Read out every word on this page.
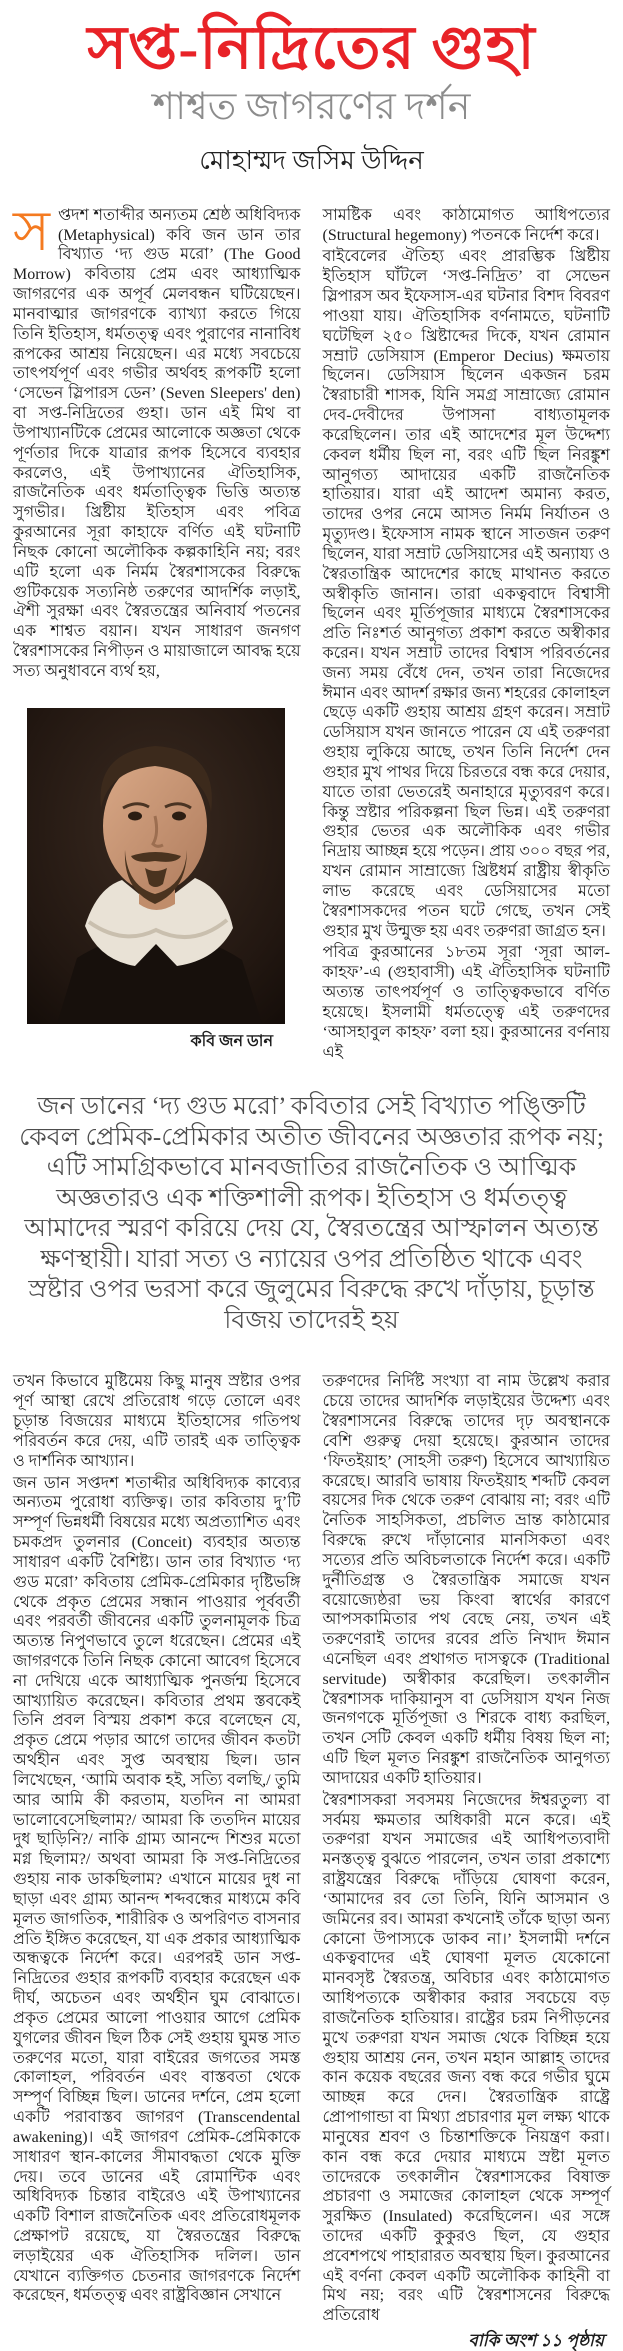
সপ্ত-নিদ্রিতের গুহা
শাশ্বত জাগরণের দর্শন
মোহাম্মদ জসিম উদ্দিন

সপ্তদশ শতাব্দীর অন্যতম শ্রেষ্ঠ অধিবিদ্যক (Metaphysical) কবি জন ডান তার বিখ্যাত ‘দ্য গুড মরো’ (The Good Morrow) কবিতায় প্রেম এবং আধ্যাত্মিক জাগরণের এক অপূর্ব মেলবন্ধন ঘটিয়েছেন। মানবাত্মার জাগরণকে ব্যাখ্যা করতে গিয়ে তিনি ইতিহাস, ধর্মতত্ত্ব এবং পুরাণের নানাবিধ রূপকের আশ্রয় নিয়েছেন। এর মধ্যে সবচেয়ে তাৎপর্যপূর্ণ এবং গভীর অর্থবহ রূপকটি হলো ‘সেভেন স্লিপারস ডেন’ (Seven Sleepers' den) বা সপ্ত-নিদ্রিতের গুহা। ডান এই মিথ বা উপাখ্যানটিকে প্রেমের আলোকে অজ্ঞতা থেকে পূর্ণতার দিকে যাত্রার রূপক হিসেবে ব্যবহার করলেও, এই উপাখ্যানের ঐতিহাসিক, রাজনৈতিক এবং ধর্মতাত্ত্বিক ভিত্তি অত্যন্ত সুগভীর। খ্রিষ্টীয় ইতিহাস এবং পবিত্র কুরআনের সূরা কাহাফে বর্ণিত এই ঘটনাটি নিছক কোনো অলৌকিক কল্পকাহিনি নয়; বরং এটি হলো এক নির্মম স্বৈরশাসকের বিরুদ্ধে গুটিকয়েক সত্যনিষ্ঠ তরুণের আদর্শিক লড়াই, ঐশী সুরক্ষা এবং স্বৈরতন্ত্রের অনিবার্য পতনের এক শাশ্বত বয়ান। যখন সাধারণ জনগণ স্বৈরশাসকের নিপীড়ন ও মায়াজালে আবদ্ধ হয়ে সত্য অনুধাবনে ব্যর্থ হয়,

কবি জন ডান

সামষ্টিক এবং কাঠামোগত আধিপত্যের (Structural hegemony) পতনকে নির্দেশ করে।

বাইবেলের ঐতিহ্য এবং প্রারম্ভিক খ্রিষ্টীয় ইতিহাস ঘাঁটলে ‘সপ্ত-নিদ্রিত’ বা সেভেন স্লিপারস অব ইফেসাস-এর ঘটনার বিশদ বিবরণ পাওয়া যায়। ঐতিহাসিক বর্ণনামতে, ঘটনাটি ঘটেছিল ২৫০ খ্রিষ্টাব্দের দিকে, যখন রোমান সম্রাট ডেসিয়াস (Emperor Decius) ক্ষমতায় ছিলেন। ডেসিয়াস ছিলেন একজন চরম স্বৈরাচারী শাসক, যিনি সমগ্র সাম্রাজ্যে রোমান দেব-দেবীদের উপাসনা বাধ্যতামূলক করেছিলেন। তার এই আদেশের মূল উদ্দেশ্য কেবল ধর্মীয় ছিল না, বরং এটি ছিল নিরঙ্কুশ আনুগত্য আদায়ের একটি রাজনৈতিক হাতিয়ার। যারা এই আদেশ অমান্য করত, তাদের ওপর নেমে আসত নির্মম নির্যাতন ও মৃত্যুদণ্ড। ইফেসাস নামক স্থানে সাতজন তরুণ ছিলেন, যারা সম্রাট ডেসিয়াসের এই অন্যায্য ও স্বৈরতান্ত্রিক আদেশের কাছে মাথানত করতে অস্বীকৃতি জানান। তারা একত্ববাদে বিশ্বাসী ছিলেন এবং মূর্তিপূজার মাধ্যমে স্বৈরশাসকের প্রতি নিঃশর্ত আনুগত্য প্রকাশ করতে অস্বীকার করেন। যখন সম্রাট তাদের বিশ্বাস পরিবর্তনের জন্য সময় বেঁধে দেন, তখন তারা নিজেদের ঈমান এবং আদর্শ রক্ষার জন্য শহরের কোলাহল ছেড়ে একটি গুহায় আশ্রয় গ্রহণ করেন। সম্রাট ডেসিয়াস যখন জানতে পারেন যে এই তরুণরা গুহায় লুকিয়ে আছে, তখন তিনি নির্দেশ দেন গুহার মুখ পাথর দিয়ে চিরতরে বন্ধ করে দেয়ার, যাতে তারা ভেতরেই অনাহারে মৃত্যুবরণ করে। কিন্তু স্রষ্টার পরিকল্পনা ছিল ভিন্ন। এই তরুণরা গুহার ভেতর এক অলৌকিক এবং গভীর নিদ্রায় আচ্ছন্ন হয়ে পড়েন। প্রায় ৩০০ বছর পর, যখন রোমান সাম্রাজ্যে খ্রিষ্টধর্ম রাষ্ট্রীয় স্বীকৃতি লাভ করেছে এবং ডেসিয়াসের মতো স্বৈরশাসকদের পতন ঘটে গেছে, তখন সেই গুহার মুখ উন্মুক্ত হয় এবং তরুণরা জাগ্রত হন।

পবিত্র কুরআনের ১৮তম সূরা ‘সূরা আল-কাহফ’-এ (গুহাবাসী) এই ঐতিহাসিক ঘটনাটি অত্যন্ত তাৎপর্যপূর্ণ ও তাত্ত্বিকভাবে বর্ণিত হয়েছে। ইসলামী ধর্মতত্ত্বে এই তরুণদের ‘আসহাবুল কাহফ’ বলা হয়। কুরআনের বর্ণনায় এই

জন ডানের ‘দ্য গুড মরো’ কবিতার সেই বিখ্যাত পঙ্ক্তিটি কেবল প্রেমিক-প্রেমিকার অতীত জীবনের অজ্ঞতার রূপক নয়; এটি সামগ্রিকভাবে মানবজাতির রাজনৈতিক ও আত্মিক অজ্ঞতারও এক শক্তিশালী রূপক। ইতিহাস ও ধর্মতত্ত্ব আমাদের স্মরণ করিয়ে দেয় যে, স্বৈরতন্ত্রের আস্ফালন অত্যন্ত ক্ষণস্থায়ী। যারা সত্য ও ন্যায়ের ওপর প্রতিষ্ঠিত থাকে এবং স্রষ্টার ওপর ভরসা করে জুলুমের বিরুদ্ধে রুখে দাঁড়ায়, চূড়ান্ত বিজয় তাদেরই হয়

তখন কিভাবে মুষ্টিমেয় কিছু মানুষ স্রষ্টার ওপর পূর্ণ আস্থা রেখে প্রতিরোধ গড়ে তোলে এবং চূড়ান্ত বিজয়ের মাধ্যমে ইতিহাসের গতিপথ পরিবর্তন করে দেয়, এটি তারই এক তাত্ত্বিক ও দার্শনিক আখ্যান।

জন ডান সপ্তদশ শতাব্দীর অধিবিদ্যক কাব্যের অন্যতম পুরোধা ব্যক্তিত্ব। তার কবিতায় দু’টি সম্পূর্ণ ভিন্নধর্মী বিষয়ের মধ্যে অপ্রত্যাশিত এবং চমকপ্রদ তুলনার (Conceit) ব্যবহার অত্যন্ত সাধারণ একটি বৈশিষ্ট্য। ডান তার বিখ্যাত ‘দ্য গুড মরো’ কবিতায় প্রেমিক-প্রেমিকার দৃষ্টিভঙ্গি থেকে প্রকৃত প্রেমের সন্ধান পাওয়ার পূর্ববর্তী এবং পরবর্তী জীবনের একটি তুলনামূলক চিত্র অত্যন্ত নিপুণভাবে তুলে ধরেছেন। প্রেমের এই জাগরণকে তিনি নিছক কোনো আবেগ হিসেবে না দেখিয়ে একে আধ্যাত্মিক পুনর্জন্ম হিসেবে আখ্যায়িত করেছেন। কবিতার প্রথম স্তবকেই তিনি প্রবল বিস্ময় প্রকাশ করে বলেছেন যে, প্রকৃত প্রেমে পড়ার আগে তাদের জীবন কতটা অর্থহীন এবং সুপ্ত অবস্থায় ছিল। ডান লিখেছেন, ‘আমি অবাক হই, সত্যি বলছি,/ তুমি আর আমি কী করতাম, যতদিন না আমরা ভালোবেসেছিলাম?/ আমরা কি ততদিন মায়ের দুধ ছাড়িনি?/ নাকি গ্রাম্য আনন্দে শিশুর মতো মগ্ন ছিলাম?/ অথবা আমরা কি সপ্ত-নিদ্রিতের গুহায় নাক ডাকছিলাম? এখানে মায়ের দুধ না ছাড়া এবং গ্রাম্য আনন্দ শব্দবন্ধের মাধ্যমে কবি মূলত জাগতিক, শারীরিক ও অপরিণত বাসনার প্রতি ইঙ্গিত করেছেন, যা এক প্রকার আধ্যাত্মিক অন্ধত্বকে নির্দেশ করে। এরপরই ডান সপ্ত-নিদ্রিতের গুহার রূপকটি ব্যবহার করেছেন এক দীর্ঘ, অচেতন এবং অর্থহীন ঘুম বোঝাতে। প্রকৃত প্রেমের আলো পাওয়ার আগে প্রেমিক যুগলের জীবন ছিল ঠিক সেই গুহায় ঘুমন্ত সাত তরুণের মতো, যারা বাইরের জগতের সমস্ত কোলাহল, পরিবর্তন এবং বাস্তবতা থেকে সম্পূর্ণ বিচ্ছিন্ন ছিল। ডানের দর্শনে, প্রেম হলো একটি পরাবাস্তব জাগরণ (Transcendental awakening)। এই জাগরণ প্রেমিক-প্রেমিকাকে সাধারণ স্থান-কালের সীমাবদ্ধতা থেকে মুক্তি দেয়। তবে ডানের এই রোমান্টিক এবং অধিবিদ্যক চিন্তার বাইরেও এই উপাখ্যানের একটি বিশাল রাজনৈতিক এবং প্রতিরোধমূলক প্রেক্ষাপট রয়েছে, যা স্বৈরতন্ত্রের বিরুদ্ধে লড়াইয়ের এক ঐতিহাসিক দলিল। ডান যেখানে ব্যক্তিগত চেতনার জাগরণকে নির্দেশ করেছেন, ধর্মতত্ত্ব এবং রাষ্ট্রবিজ্ঞান সেখানে

তরুণদের নির্দিষ্ট সংখ্যা বা নাম উল্লেখ করার চেয়ে তাদের আদর্শিক লড়াইয়ের উদ্দেশ্য এবং স্বৈরশাসনের বিরুদ্ধে তাদের দৃঢ় অবস্থানকে বেশি গুরুত্ব দেয়া হয়েছে। কুরআন তাদের ‘ফিতইয়াহ’ (সাহসী তরুণ) হিসেবে আখ্যায়িত করেছে। আরবি ভাষায় ফিতইয়াহ শব্দটি কেবল বয়সের দিক থেকে তরুণ বোঝায় না; বরং এটি নৈতিক সাহসিকতা, প্রচলিত ভ্রান্ত কাঠামোর বিরুদ্ধে রুখে দাঁড়ানোর মানসিকতা এবং সত্যের প্রতি অবিচলতাকে নির্দেশ করে। একটি দুর্নীতিগ্রস্ত ও স্বৈরতান্ত্রিক সমাজে যখন বয়োজ্যেষ্ঠরা ভয় কিংবা স্বার্থের কারণে আপসকামিতার পথ বেছে নেয়, তখন এই তরুণেরাই তাদের রবের প্রতি নিখাদ ঈমান এনেছিল এবং প্রথাগত দাসত্বকে (Traditional servitude) অস্বীকার করেছিল। তৎকালীন স্বৈরশাসক দাকিয়ানুস বা ডেসিয়াস যখন নিজ জনগণকে মূর্তিপূজা ও শিরকে বাধ্য করছিল, তখন সেটি কেবল একটি ধর্মীয় বিষয় ছিল না; এটি ছিল মূলত নিরঙ্কুশ রাজনৈতিক আনুগত্য আদায়ের একটি হাতিয়ার।

স্বৈরশাসকরা সবসময় নিজেদের ঈশ্বরতুল্য বা সর্বময় ক্ষমতার অধিকারী মনে করে। এই তরুণরা যখন সমাজের এই আধিপত্যবাদী মনস্তত্ত্ব বুঝতে পারলেন, তখন তারা প্রকাশ্যে রাষ্ট্রযন্ত্রের বিরুদ্ধে দাঁড়িয়ে ঘোষণা করেন, ‘আমাদের রব তো তিনি, যিনি আসমান ও জমিনের রব। আমরা কখনোই তাঁকে ছাড়া অন্য কোনো উপাস্যকে ডাকব না।’ ইসলামী দর্শনে একত্ববাদের এই ঘোষণা মূলত যেকোনো মানবসৃষ্ট স্বৈরতন্ত্র, অবিচার এবং কাঠামোগত আধিপত্যকে অস্বীকার করার সবচেয়ে বড় রাজনৈতিক হাতিয়ার। রাষ্ট্রের চরম নিপীড়নের মুখে তরুণরা যখন সমাজ থেকে বিচ্ছিন্ন হয়ে গুহায় আশ্রয় নেন, তখন মহান আল্লাহ তাদের কান কয়েক বছরের জন্য বন্ধ করে গভীর ঘুমে আচ্ছন্ন করে দেন। স্বৈরতান্ত্রিক রাষ্ট্রে প্রোপাগান্ডা বা মিথ্যা প্রচারণার মূল লক্ষ্য থাকে মানুষের শ্রবণ ও চিন্তাশক্তিকে নিয়ন্ত্রণ করা। কান বন্ধ করে দেয়ার মাধ্যমে স্রষ্টা মূলত তাদেরকে তৎকালীন স্বৈরশাসকের বিষাক্ত প্রচারণা ও সমাজের কোলাহল থেকে সম্পূর্ণ সুরক্ষিত (Insulated) করেছিলেন। এর সঙ্গে তাদের একটি কুকুরও ছিল, যে গুহার প্রবেশপথে পাহারারত অবস্থায় ছিল। কুরআনের এই বর্ণনা কেবল একটি অলৌকিক কাহিনী বা মিথ নয়; বরং এটি স্বৈরশাসনের বিরুদ্ধে প্রতিরোধ

বাকি অংশ ১১ পৃষ্ঠায়
